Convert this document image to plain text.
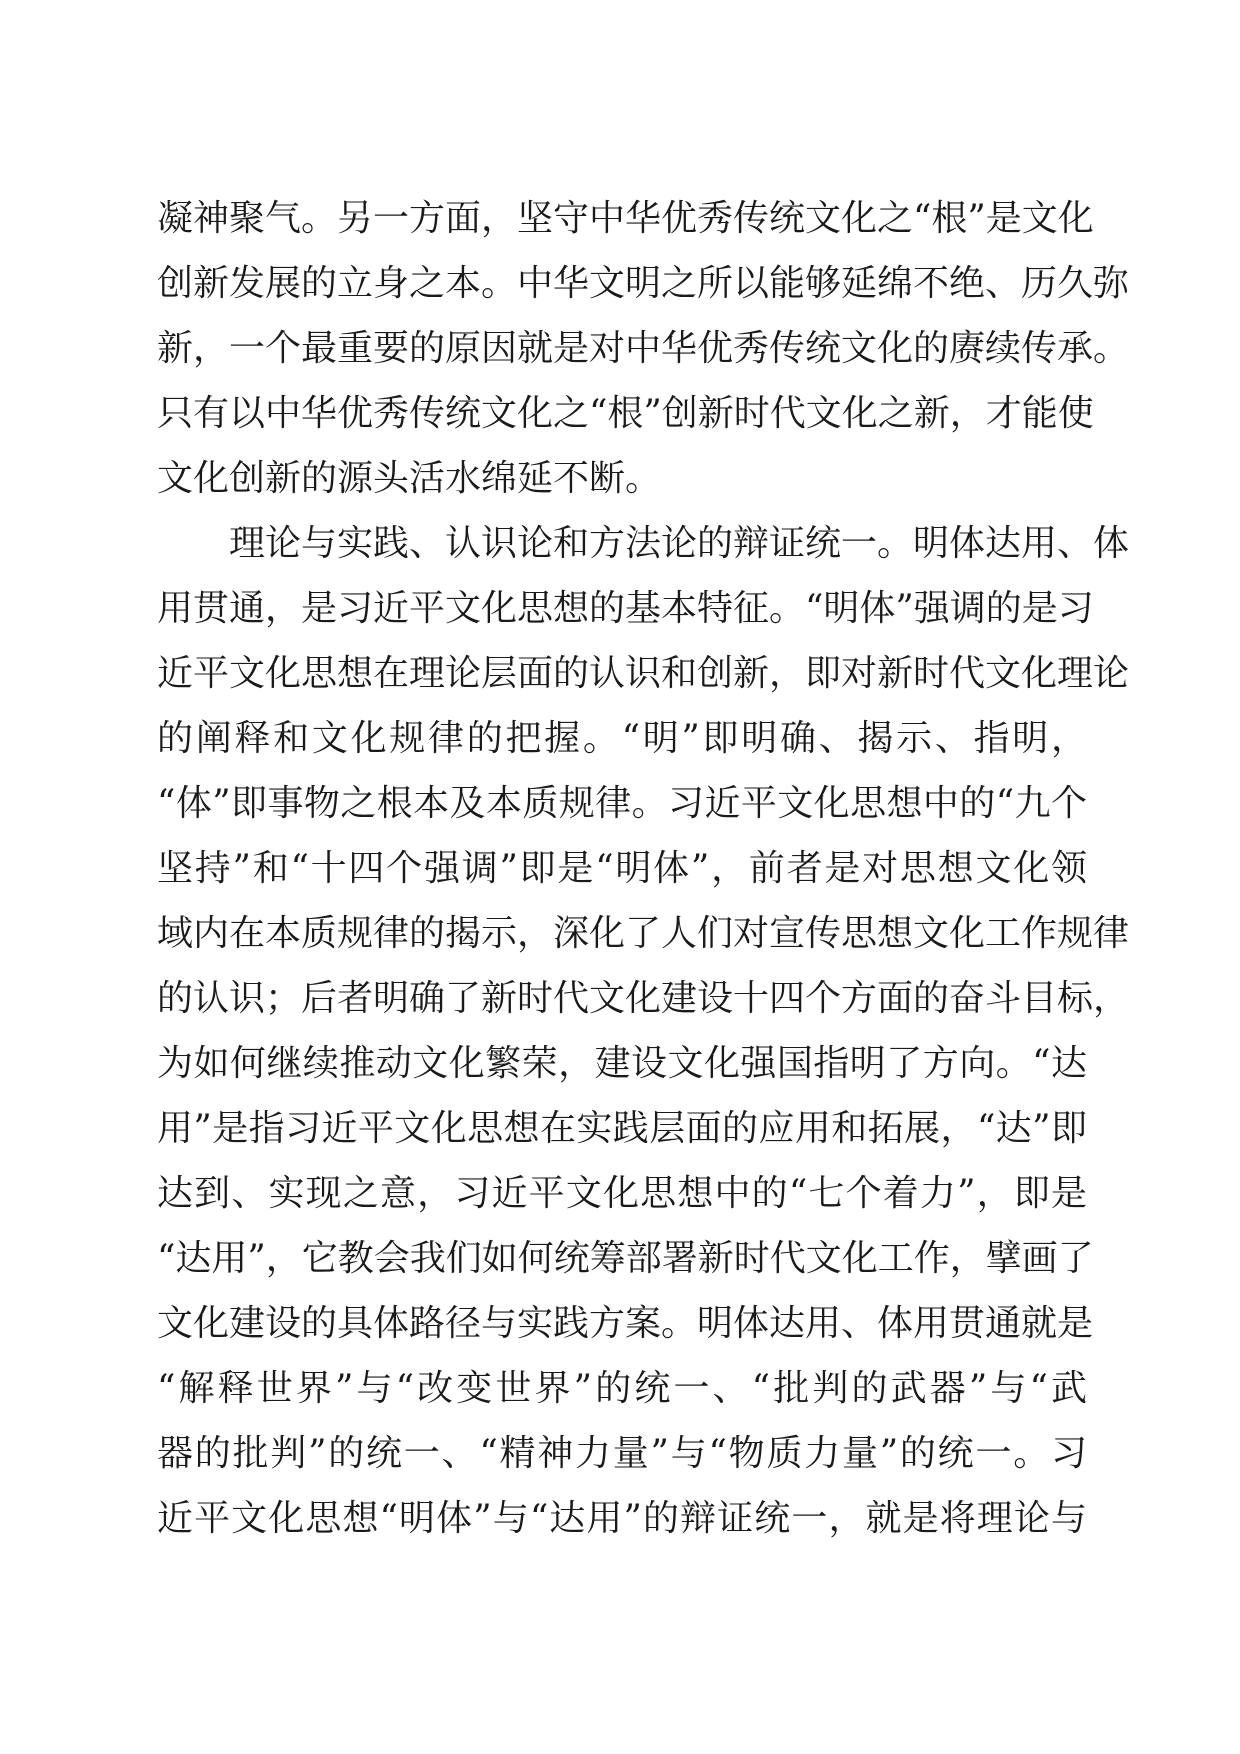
凝神聚气。另一方面，坚守中华优秀传统文化之“根”是文化
创新发展的立身之本。中华文明之所以能够延绵不绝、历久弥
新，一个最重要的原因就是对中华优秀传统文化的赓续传承。
只有以中华优秀传统文化之“根”创新时代文化之新，才能使
文化创新的源头活水绵延不断。
理论与实践、认识论和方法论的辩证统一。明体达用、体
用贯通，是习近平文化思想的基本特征。“明体”强调的是习
近平文化思想在理论层面的认识和创新，即对新时代文化理论
的阐释和文化规律的把握。“明”即明确、揭示、指明，
“体”即事物之根本及本质规律。习近平文化思想中的“九个
坚持”和“十四个强调”即是“明体”，前者是对思想文化领
域内在本质规律的揭示，深化了人们对宣传思想文化工作规律
的认识；后者明确了新时代文化建设十四个方面的奋斗目标，
为如何继续推动文化繁荣，建设文化强国指明了方向。“达
用”是指习近平文化思想在实践层面的应用和拓展，“达”即
达到、实现之意，习近平文化思想中的“七个着力”，即是
“达用”，它教会我们如何统筹部署新时代文化工作，擘画了
文化建设的具体路径与实践方案。明体达用、体用贯通就是
“解释世界”与“改变世界”的统一、“批判的武器”与“武
器的批判”的统一、“精神力量”与“物质力量”的统一。习
近平文化思想“明体”与“达用”的辩证统一，就是将理论与
